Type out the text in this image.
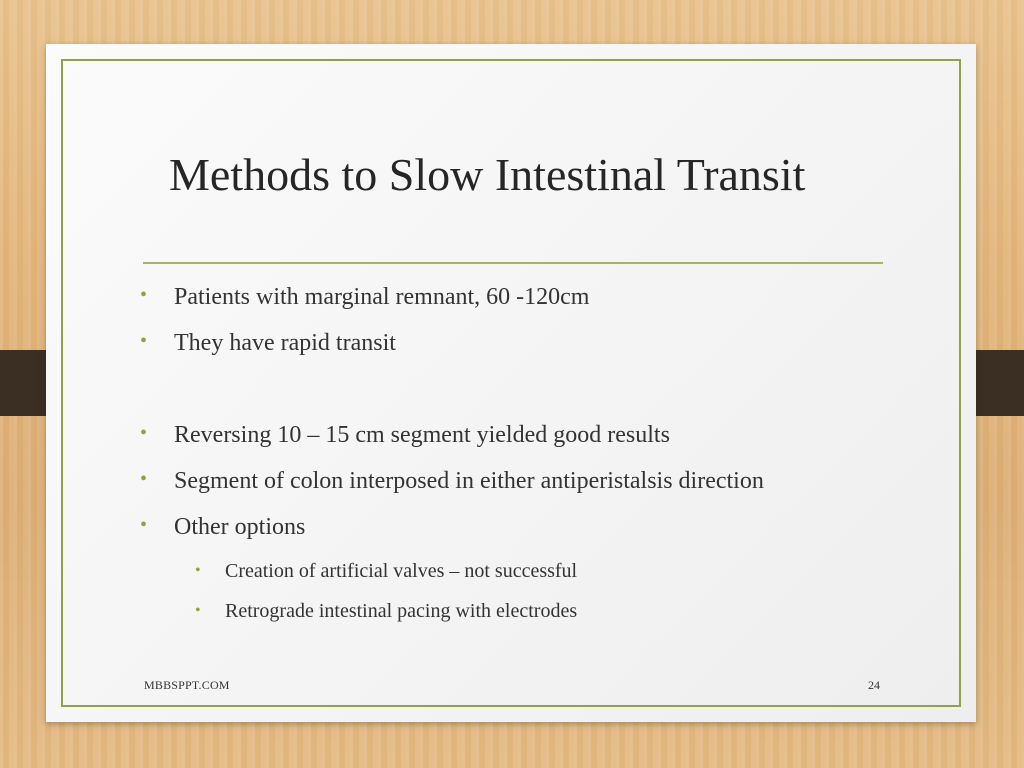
Methods to Slow Intestinal Transit
• Patients with marginal remnant, 60 -120cm
• They have rapid transit
• Reversing 10 – 15 cm segment yielded good results
• Segment of colon interposed in either antiperistalsis direction
• Other options
• Creation of artificial valves – not successful
• Retrograde intestinal pacing with electrodes
MBBSPPT.COM	24
